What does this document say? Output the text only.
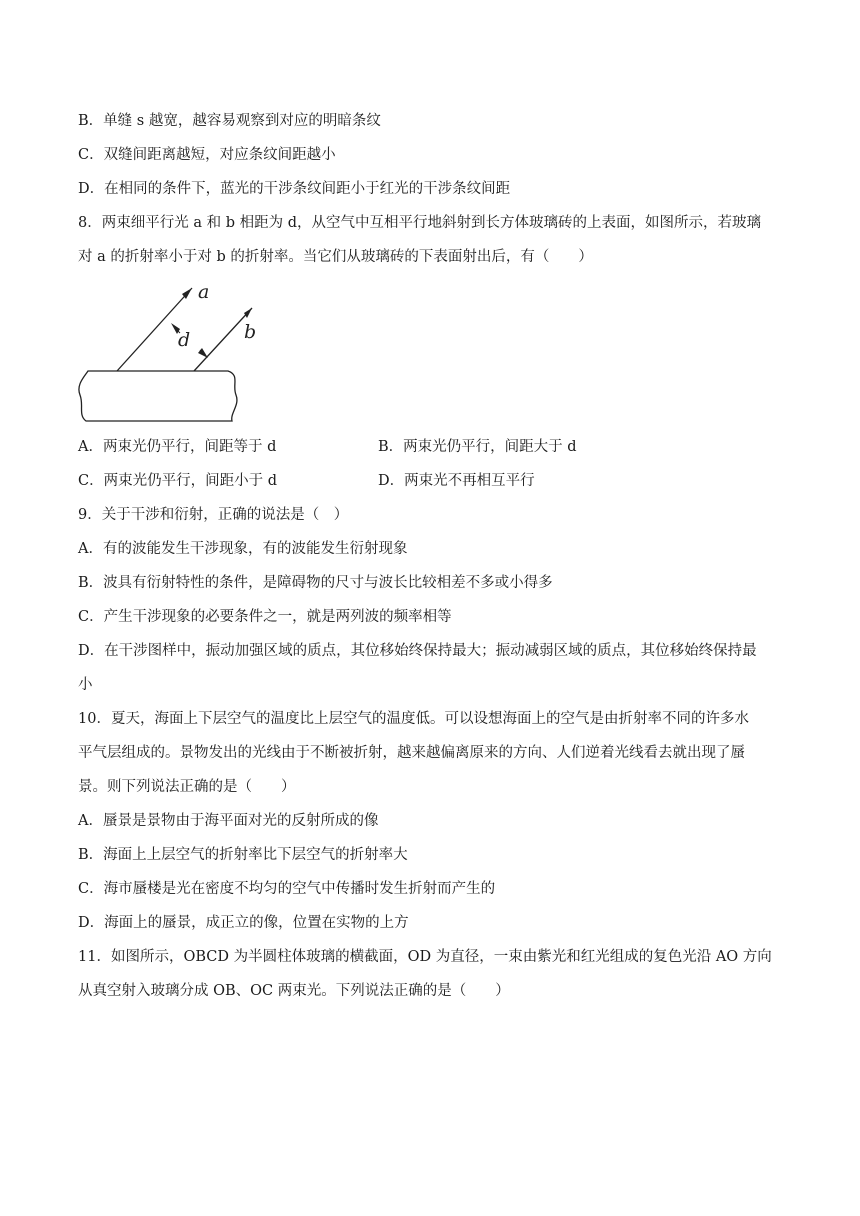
B．单缝 s 越宽，越容易观察到对应的明暗条纹
C．双缝间距离越短，对应条纹间距越小
D．在相同的条件下，蓝光的干涉条纹间距小于红光的干涉条纹间距
8．两束细平行光 a 和 b 相距为 d，从空气中互相平行地斜射到长方体玻璃砖的上表面，如图所示，若玻璃
对 a 的折射率小于对 b 的折射率。当它们从玻璃砖的下表面射出后，有（　　）
a
d	b
A．两束光仍平行，间距等于 d	B．两束光仍平行，间距大于 d
C．两束光仍平行，间距小于 d	D．两束光不再相互平行
9．关于干涉和衍射，正确的说法是（　）
A．有的波能发生干涉现象，有的波能发生衍射现象
B．波具有衍射特性的条件，是障碍物的尺寸与波长比较相差不多或小得多
C．产生干涉现象的必要条件之一，就是两列波的频率相等
D．在干涉图样中，振动加强区域的质点，其位移始终保持最大；振动减弱区域的质点，其位移始终保持最
小
10．夏天，海面上下层空气的温度比上层空气的温度低。可以设想海面上的空气是由折射率不同的许多水
平气层组成的。景物发出的光线由于不断被折射，越来越偏离原来的方向、人们逆着光线看去就出现了蜃
景。则下列说法正确的是（　　）
A．蜃景是景物由于海平面对光的反射所成的像
B．海面上上层空气的折射率比下层空气的折射率大
C．海市蜃楼是光在密度不均匀的空气中传播时发生折射而产生的
D．海面上的蜃景，成正立的像，位置在实物的上方
11．如图所示，OBCD 为半圆柱体玻璃的横截面，OD 为直径，一束由紫光和红光组成的复色光沿 AO 方向
从真空射入玻璃分成 OB、OC 两束光。下列说法正确的是（　　）
